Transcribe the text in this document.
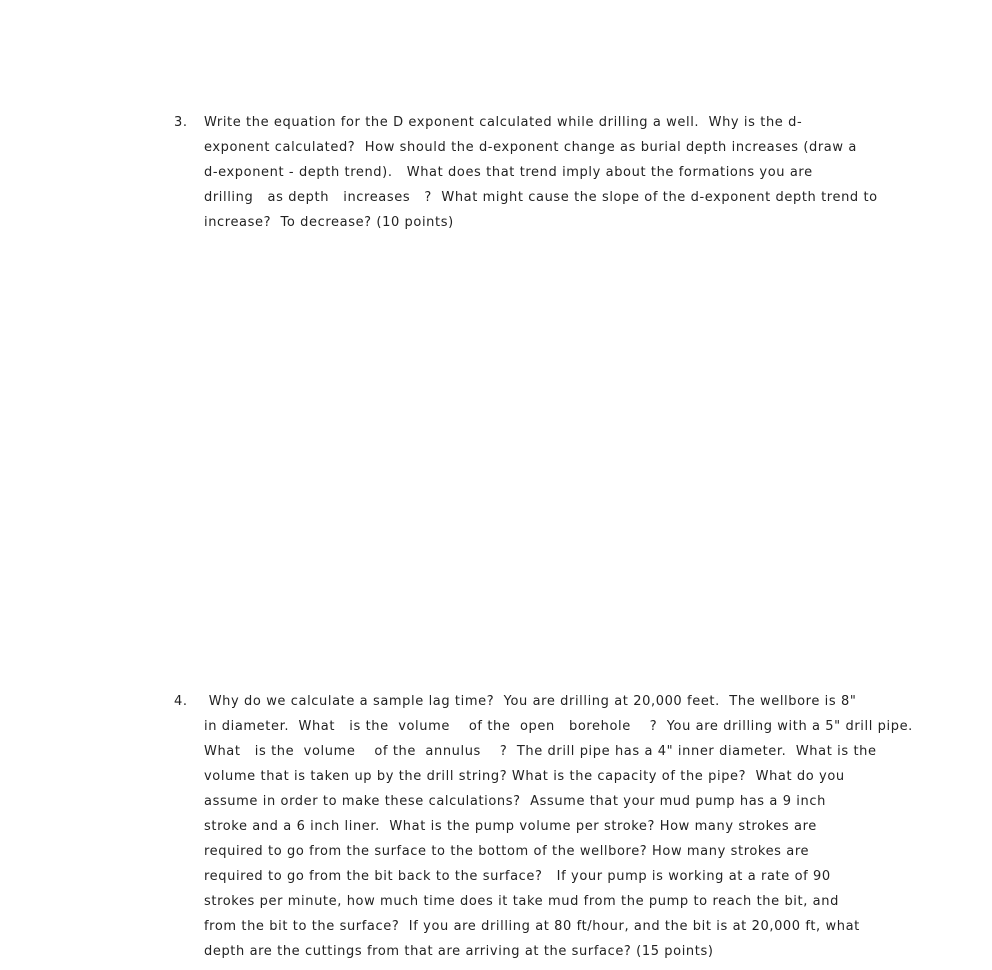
3. Write the equation for the D exponent calculated while drilling a well.  Why is the d-
exponent calculated?  How should the d-exponent change as burial depth increases (draw a
d-exponent - depth trend).   What does that trend imply about the formations you are
drilling   as depth   increases   ?  What might cause the slope of the d-exponent depth trend to
increase?  To decrease? (10 points)
4. Why do we calculate a sample lag time?  You are drilling at 20,000 feet.  The wellbore is 8"
in diameter.  What   is the  volume    of the  open   borehole    ?  You are drilling with a 5" drill pipe.
What   is the  volume    of the  annulus    ?  The drill pipe has a 4" inner diameter.  What is the
volume that is taken up by the drill string? What is the capacity of the pipe?  What do you
assume in order to make these calculations?  Assume that your mud pump has a 9 inch
stroke and a 6 inch liner.  What is the pump volume per stroke? How many strokes are
required to go from the surface to the bottom of the wellbore? How many strokes are
required to go from the bit back to the surface?   If your pump is working at a rate of 90
strokes per minute, how much time does it take mud from the pump to reach the bit, and
from the bit to the surface?  If you are drilling at 80 ft/hour, and the bit is at 20,000 ft, what
depth are the cuttings from that are arriving at the surface? (15 points)
